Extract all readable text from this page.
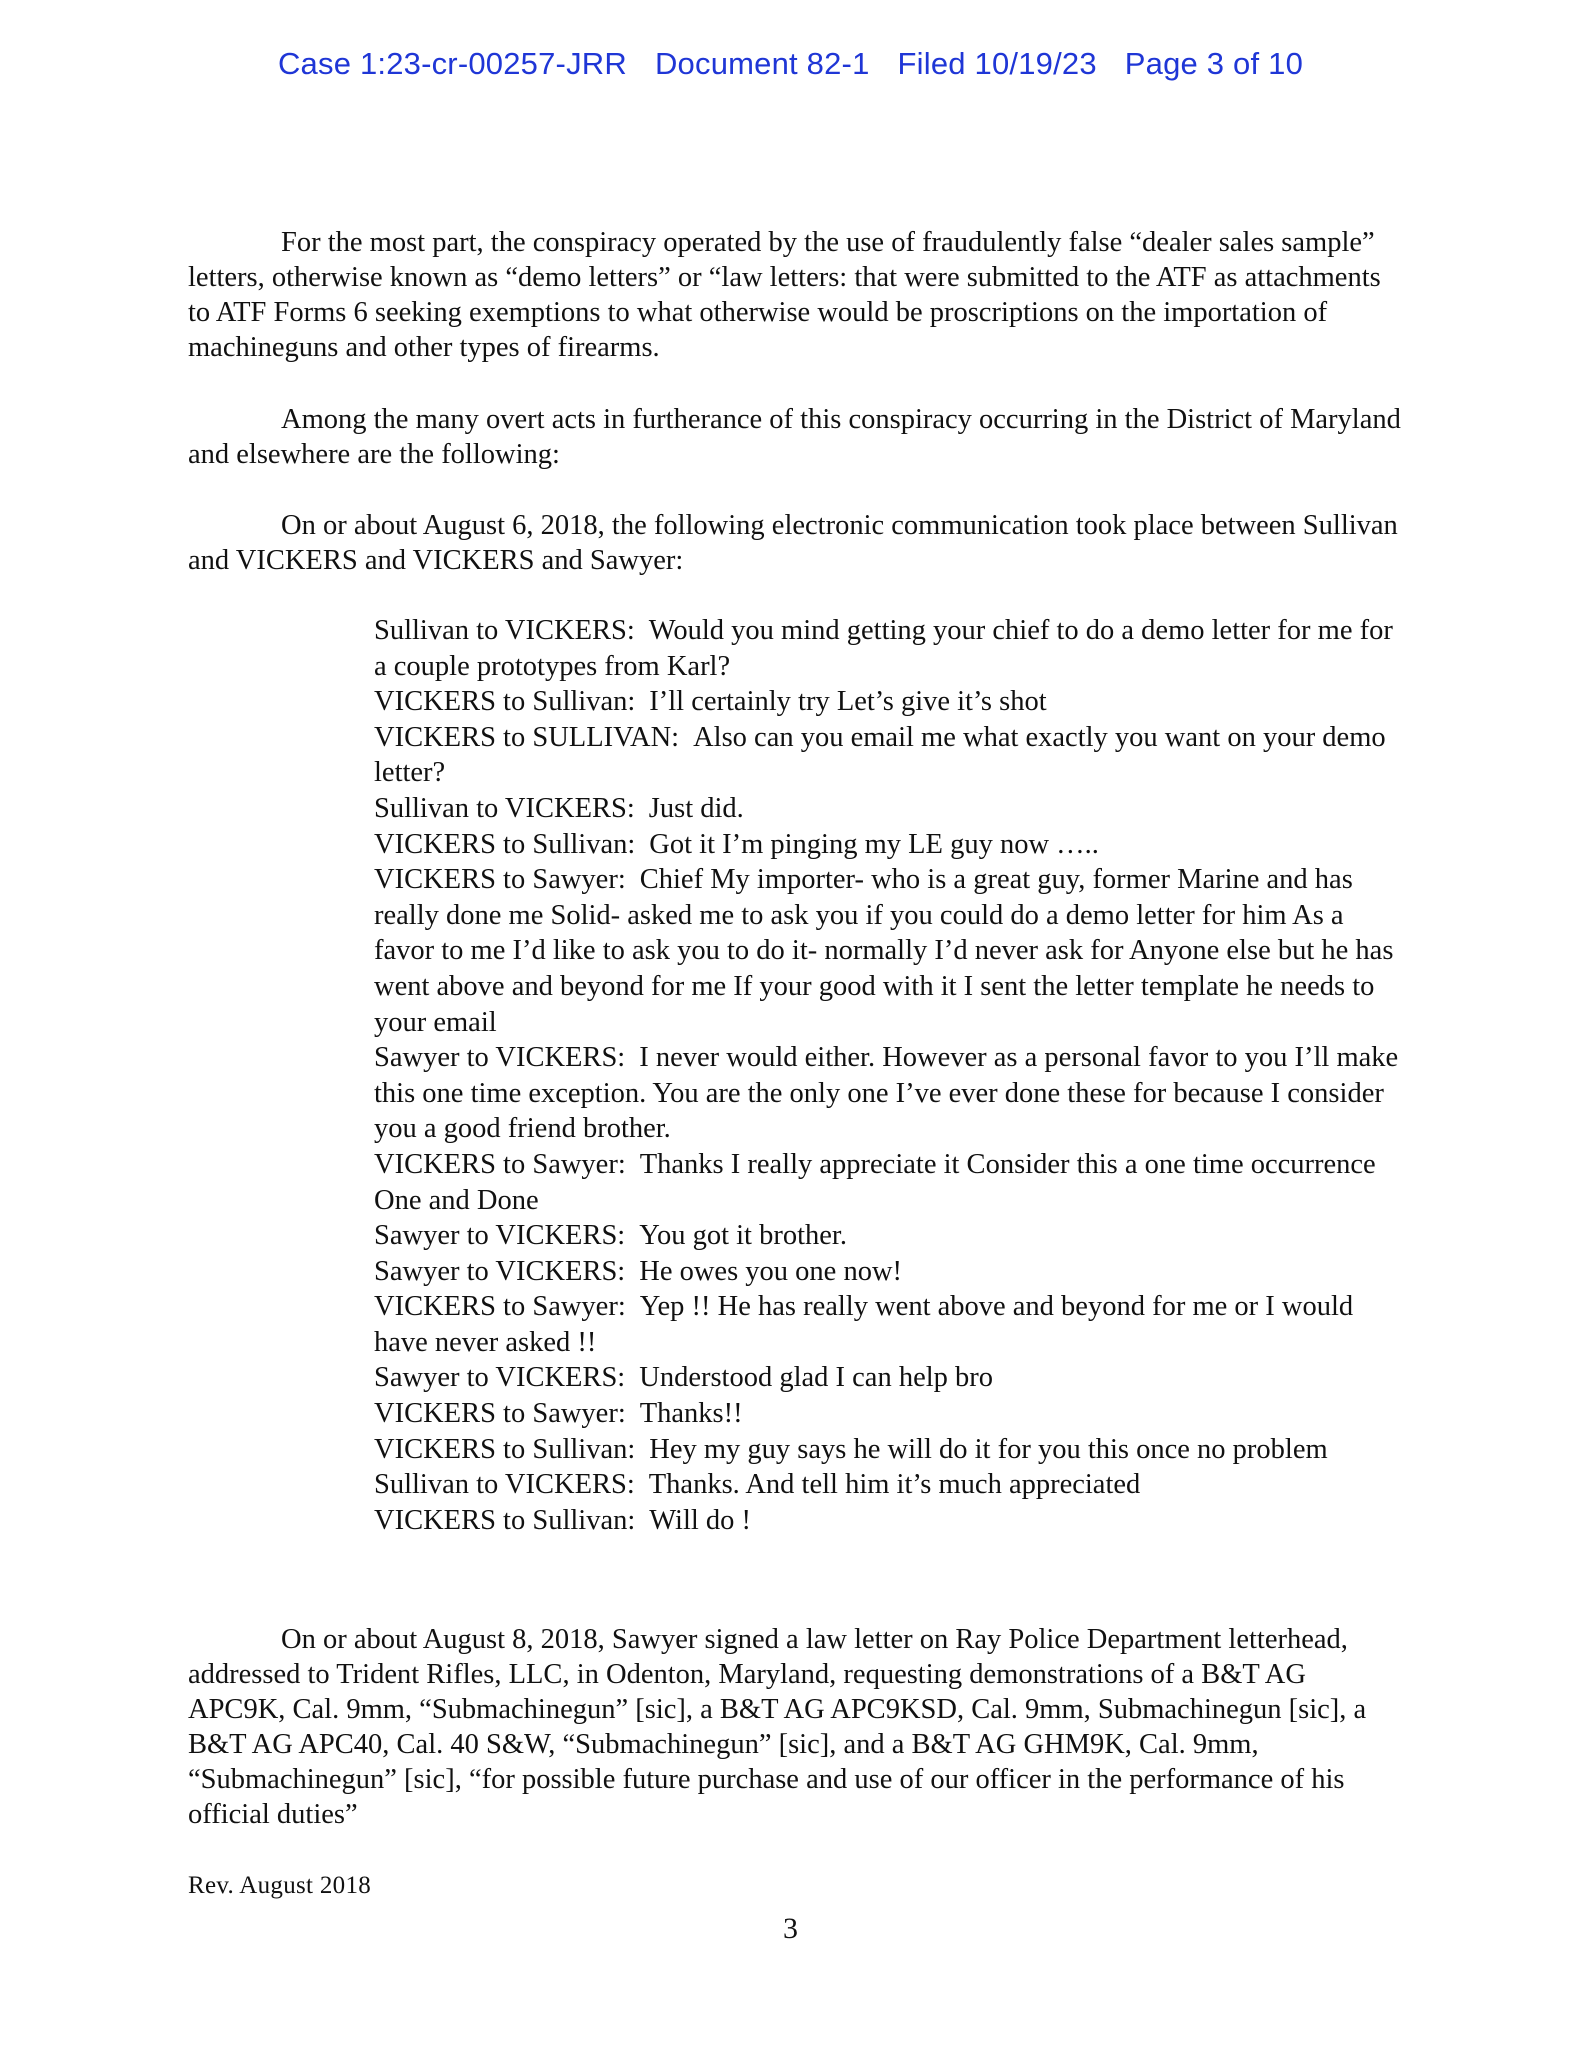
Case 1:23-cr-00257-JRR Document 82-1 Filed 10/19/23 Page 3 of 10

For the most part, the conspiracy operated by the use of fraudulently false “dealer sales sample” letters, otherwise known as “demo letters” or “law letters: that were submitted to the ATF as attachments to ATF Forms 6 seeking exemptions to what otherwise would be proscriptions on the importation of machineguns and other types of firearms.

Among the many overt acts in furtherance of this conspiracy occurring in the District of Maryland and elsewhere are the following:

On or about August 6, 2018, the following electronic communication took place between Sullivan and VICKERS and VICKERS and Sawyer:

Sullivan to VICKERS: Would you mind getting your chief to do a demo letter for me for a couple prototypes from Karl?

VICKERS to Sullivan: I’ll certainly try Let’s give it’s shot

VICKERS to SULLIVAN: Also can you email me what exactly you want on your demo letter?

Sullivan to VICKERS: Just did.

VICKERS to Sullivan: Got it I’m pinging my LE guy now …..

VICKERS to Sawyer: Chief My importer- who is a great guy, former Marine and has really done me Solid- asked me to ask you if you could do a demo letter for him As a favor to me I’d like to ask you to do it- normally I’d never ask for Anyone else but he has went above and beyond for me If your good with it I sent the letter template he needs to your email

Sawyer to VICKERS: I never would either. However as a personal favor to you I’ll make this one time exception. You are the only one I’ve ever done these for because I consider you a good friend brother.

VICKERS to Sawyer: Thanks I really appreciate it Consider this a one time occurrence One and Done

Sawyer to VICKERS: You got it brother.

Sawyer to VICKERS: He owes you one now!

VICKERS to Sawyer: Yep !! He has really went above and beyond for me or I would have never asked !!

Sawyer to VICKERS: Understood glad I can help bro

VICKERS to Sawyer: Thanks!!

VICKERS to Sullivan: Hey my guy says he will do it for you this once no problem

Sullivan to VICKERS: Thanks. And tell him it’s much appreciated

VICKERS to Sullivan: Will do !

On or about August 8, 2018, Sawyer signed a law letter on Ray Police Department letterhead, addressed to Trident Rifles, LLC, in Odenton, Maryland, requesting demonstrations of a B&T AG APC9K, Cal. 9mm, “Submachinegun” [sic], a B&T AG APC9KSD, Cal. 9mm, Submachinegun [sic], a B&T AG APC40, Cal. 40 S&W, “Submachinegun” [sic], and a B&T AG GHM9K, Cal. 9mm, “Submachinegun” [sic], “for possible future purchase and use of our officer in the performance of his official duties”

Rev. August 2018
3
